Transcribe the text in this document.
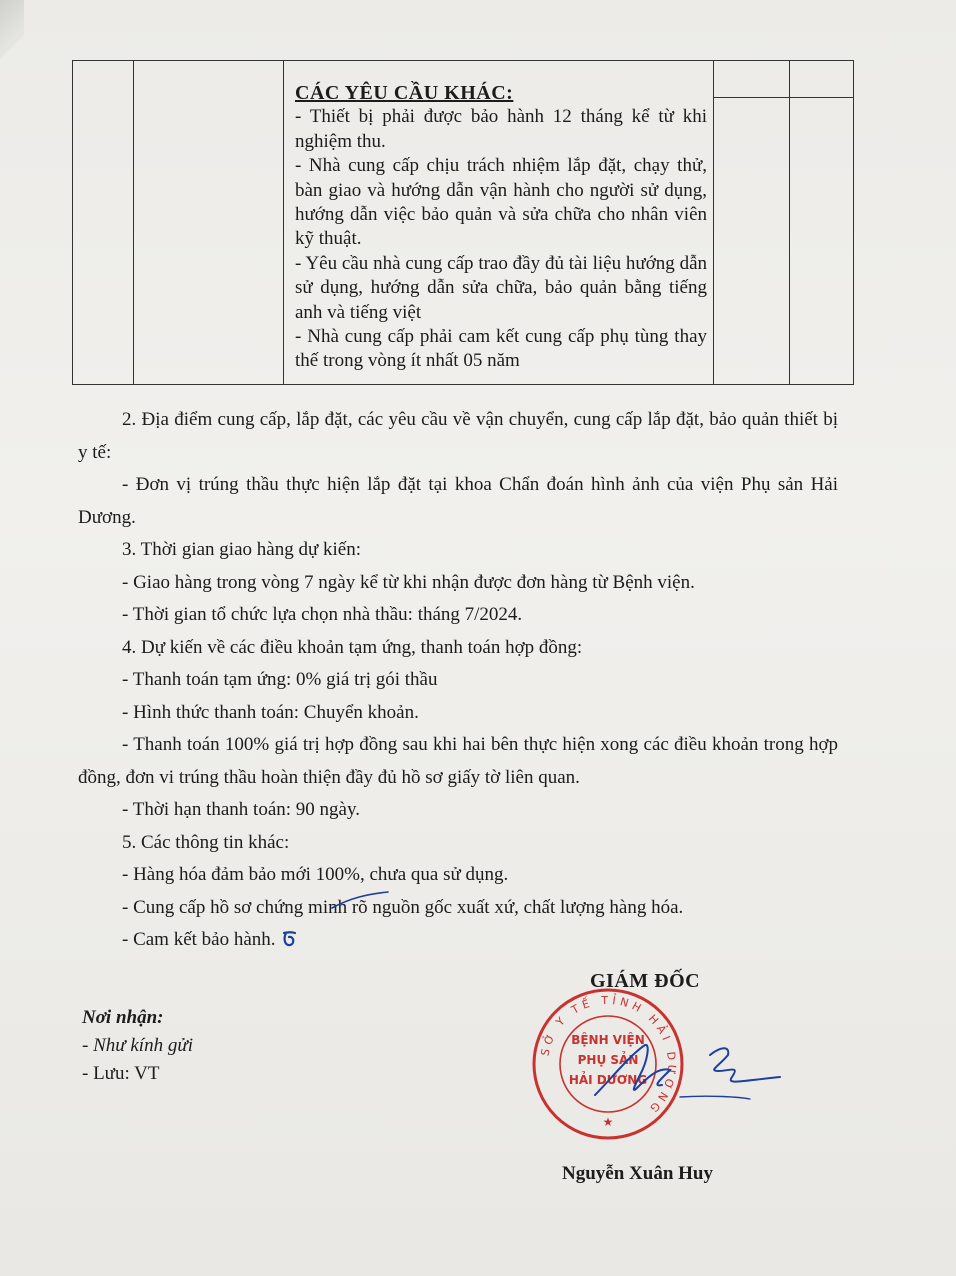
CÁC YÊU CẦU KHÁC:

- Thiết bị phải được bảo hành 12 tháng kể từ khi nghiệm thu.

- Nhà cung cấp chịu trách nhiệm lắp đặt, chạy thử, bàn giao và hướng dẫn vận hành cho người sử dụng, hướng dẫn việc bảo quản và sửa chữa cho nhân viên kỹ thuật.

- Yêu cầu nhà cung cấp trao đầy đủ tài liệu hướng dẫn sử dụng, hướng dẫn sửa chữa, bảo quản bằng tiếng anh và tiếng việt

- Nhà cung cấp phải cam kết cung cấp phụ tùng thay thế trong vòng ít nhất 05 năm

2. Địa điểm cung cấp, lắp đặt, các yêu cầu về vận chuyển, cung cấp lắp đặt, bảo quản thiết bị y tế:

- Đơn vị trúng thầu thực hiện lắp đặt tại khoa Chẩn đoán hình ảnh của viện Phụ sản Hải Dương.

3. Thời gian giao hàng dự kiến:

- Giao hàng trong vòng 7 ngày kể từ khi nhận được đơn hàng từ Bệnh viện.

- Thời gian tổ chức lựa chọn nhà thầu: tháng 7/2024.

4. Dự kiến về các điều khoản tạm ứng, thanh toán hợp đồng:

- Thanh toán tạm ứng: 0% giá trị gói thầu

- Hình thức thanh toán: Chuyển khoản.

- Thanh toán 100% giá trị hợp đồng sau khi hai bên thực hiện xong các điều khoản trong hợp đồng, đơn vi trúng thầu hoàn thiện đầy đủ hồ sơ giấy tờ liên quan.

- Thời hạn thanh toán: 90 ngày.

5. Các thông tin khác:

- Hàng hóa đảm bảo mới 100%, chưa qua sử dụng.

- Cung cấp hồ sơ chứng minh rõ nguồn gốc xuất xứ, chất lượng hàng hóa.

- Cam kết bảo hành.

Nơi nhận:
- Như kính gửi
- Lưu: VT
GIÁM ĐỐC
SỞ Y TẾ TỈNH HẢI DƯƠNG
BỆNH VIỆN
PHỤ SẢN
HẢI DƯƠNG
★
Nguyễn Xuân Huy
